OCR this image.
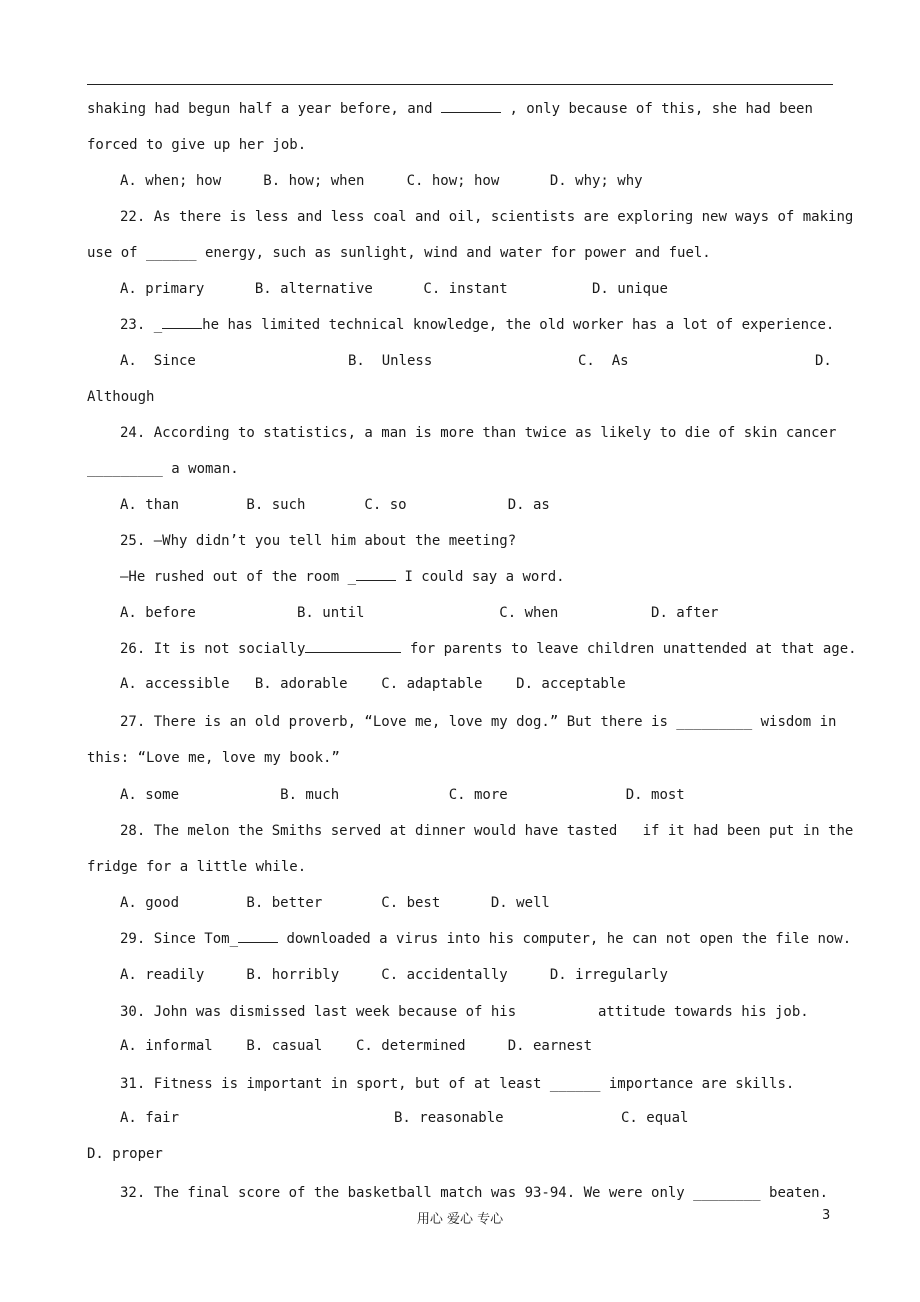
shaking had begun half a year before, and	, only because of this, she had been
forced to give up her job.
A. when; how     B. how; when     C. how; how      D. why; why
22. As there is less and less coal and oil, scientists are exploring new ways of making
use of ______ energy, such as sunlight, wind and water for power and fuel.
A. primary      B. alternative      C. instant          D. unique
23. _	he has limited technical knowledge, the old worker has a lot of experience.
A.  Since	B.  Unless	C.  As	D.
Although
24. According to statistics, a man is more than twice as likely to die of skin cancer
_________ a woman.
A. than        B. such       C. so            D. as
25. —Why didn’t you tell him about the meeting?
—He rushed out of the room _	I could say a word.
A. before            B. until                C. when           D. after
26. It is not socially	for parents to leave children unattended at that age.
A. accessible   B. adorable    C. adaptable    D. acceptable
27. There is an old proverb, “Love me, love my dog.” But there is _________ wisdom in
this: “Love me, love my book.”
A. some            B. much             C. more              D. most
28. The melon the Smiths served at dinner would have tasted   if it had been put in the
fridge for a little while.
A. good        B. better       C. best      D. well
29. Since Tom_	downloaded a virus into his computer, he can not open the file now.
A. readily     B. horribly     C. accidentally     D. irregularly
30. John was dismissed last week because of his	attitude towards his job.
A. informal    B. casual    C. determined     D. earnest
31. Fitness is important in sport, but of at least ______ importance are skills.
A. fair	B. reasonable	C. equal
D. proper
32. The final score of the basketball match was 93-94. We were only ________ beaten.
用心 爱心 专心	3
